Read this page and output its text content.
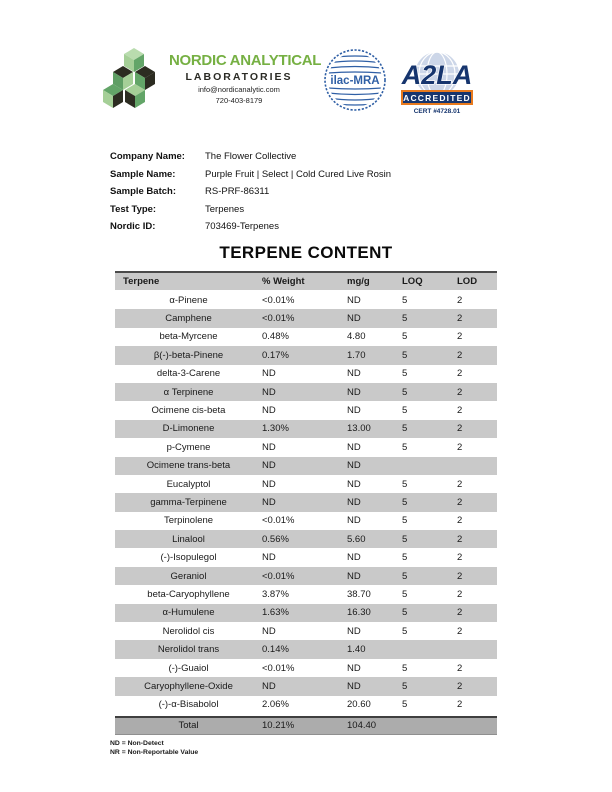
NORDIC ANALYTICAL
LABORATORIES
info@nordicanalytic.com
720-403-8179
ilac-MRA A2LA
ACCREDITED
CERT #4728.01
Company Name:	The Flower Collective
Sample Name:	Purple Fruit | Select | Cold Cured Live Rosin
Sample Batch:	RS-PRF-86311
Test Type:	Terpenes
Nordic ID:	703469-Terpenes
TERPENE CONTENT
Terpene	% Weight	mg/g	LOQ	LOD
α-Pinene	<0.01%	ND	5	2
Camphene	<0.01%	ND	5	2
beta-Myrcene	0.48%	4.80	5	2
β(-)-beta-Pinene	0.17%	1.70	5	2
delta-3-Carene	ND	ND	5	2
α Terpinene	ND	ND	5	2
Ocimene cis-beta	ND	ND	5	2
D-Limonene	1.30%	13.00	5	2
p-Cymene	ND	ND	5	2
Ocimene trans-beta	ND	ND
Eucalyptol	ND	ND	5	2
gamma-Terpinene	ND	ND	5	2
Terpinolene	<0.01%	ND	5	2
Linalool	0.56%	5.60	5	2
(-)-Isopulegol	ND	ND	5	2
Geraniol	<0.01%	ND	5	2
beta-Caryophyllene	3.87%	38.70	5	2
α-Humulene	1.63%	16.30	5	2
Nerolidol cis	ND	ND	5	2
Nerolidol trans	0.14%	1.40
(-)-Guaiol	<0.01%	ND	5	2
Caryophyllene-Oxide	ND	ND	5	2
(-)-α-Bisabolol	2.06%	20.60	5	2
Total	10.21%	104.40
ND = Non-Detect
NR = Non-Reportable Value
